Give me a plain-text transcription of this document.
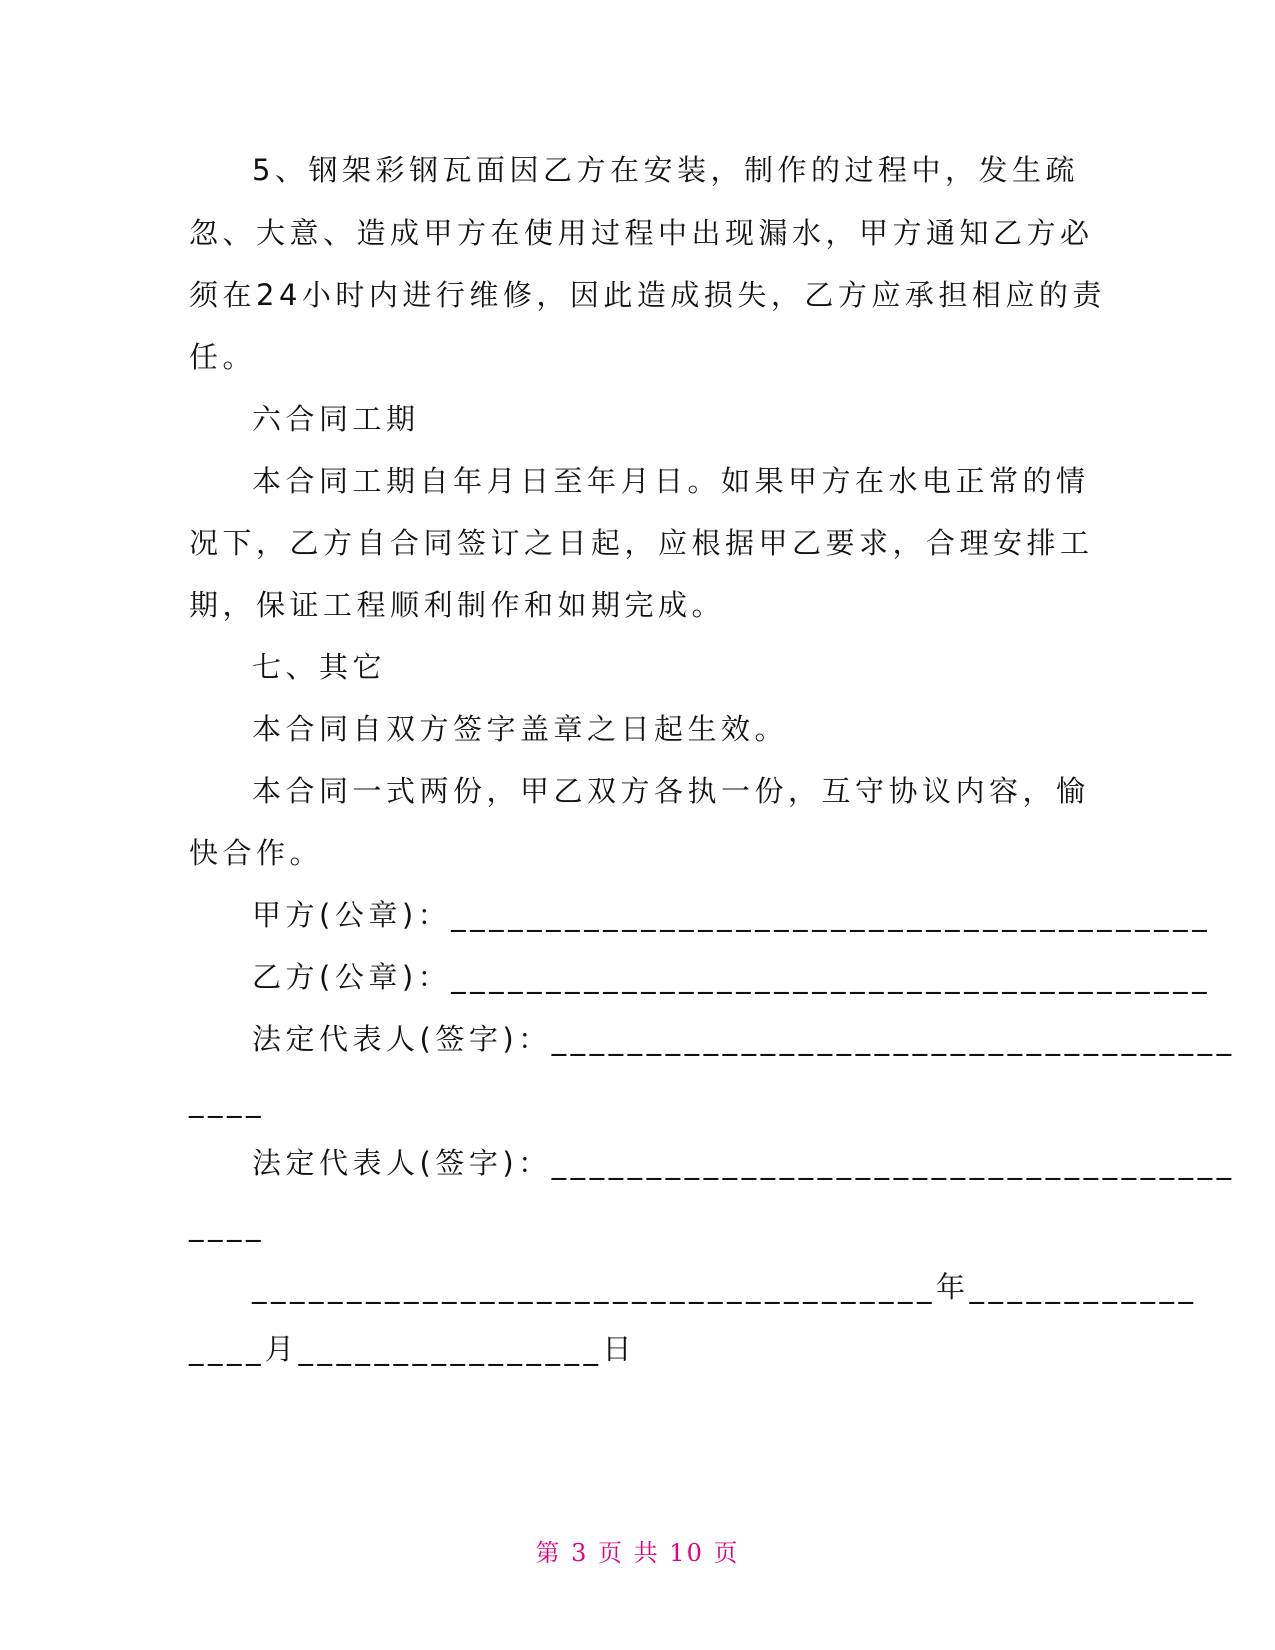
5、钢架彩钢瓦面因乙方在安装，制作的过程中，发生疏
忽、大意、造成甲方在使用过程中出现漏水，甲方通知乙方必
须在24小时内进行维修，因此造成损失，乙方应承担相应的责
任。
六合同工期
本合同工期自年月日至年月日。如果甲方在水电正常的情
况下，乙方自合同签订之日起，应根据甲乙要求，合理安排工
期，保证工程顺利制作和如期完成。
七、其它
本合同自双方签字盖章之日起生效。
本合同一式两份，甲乙双方各执一份，互守协议内容，愉
快合作。
甲方(公章)：________________________________________
乙方(公章)：________________________________________
法定代表人(签字)：____________________________________
____
法定代表人(签字)：____________________________________
____
____________________________________年____________
____月________________日
第 3 页 共 10 页
